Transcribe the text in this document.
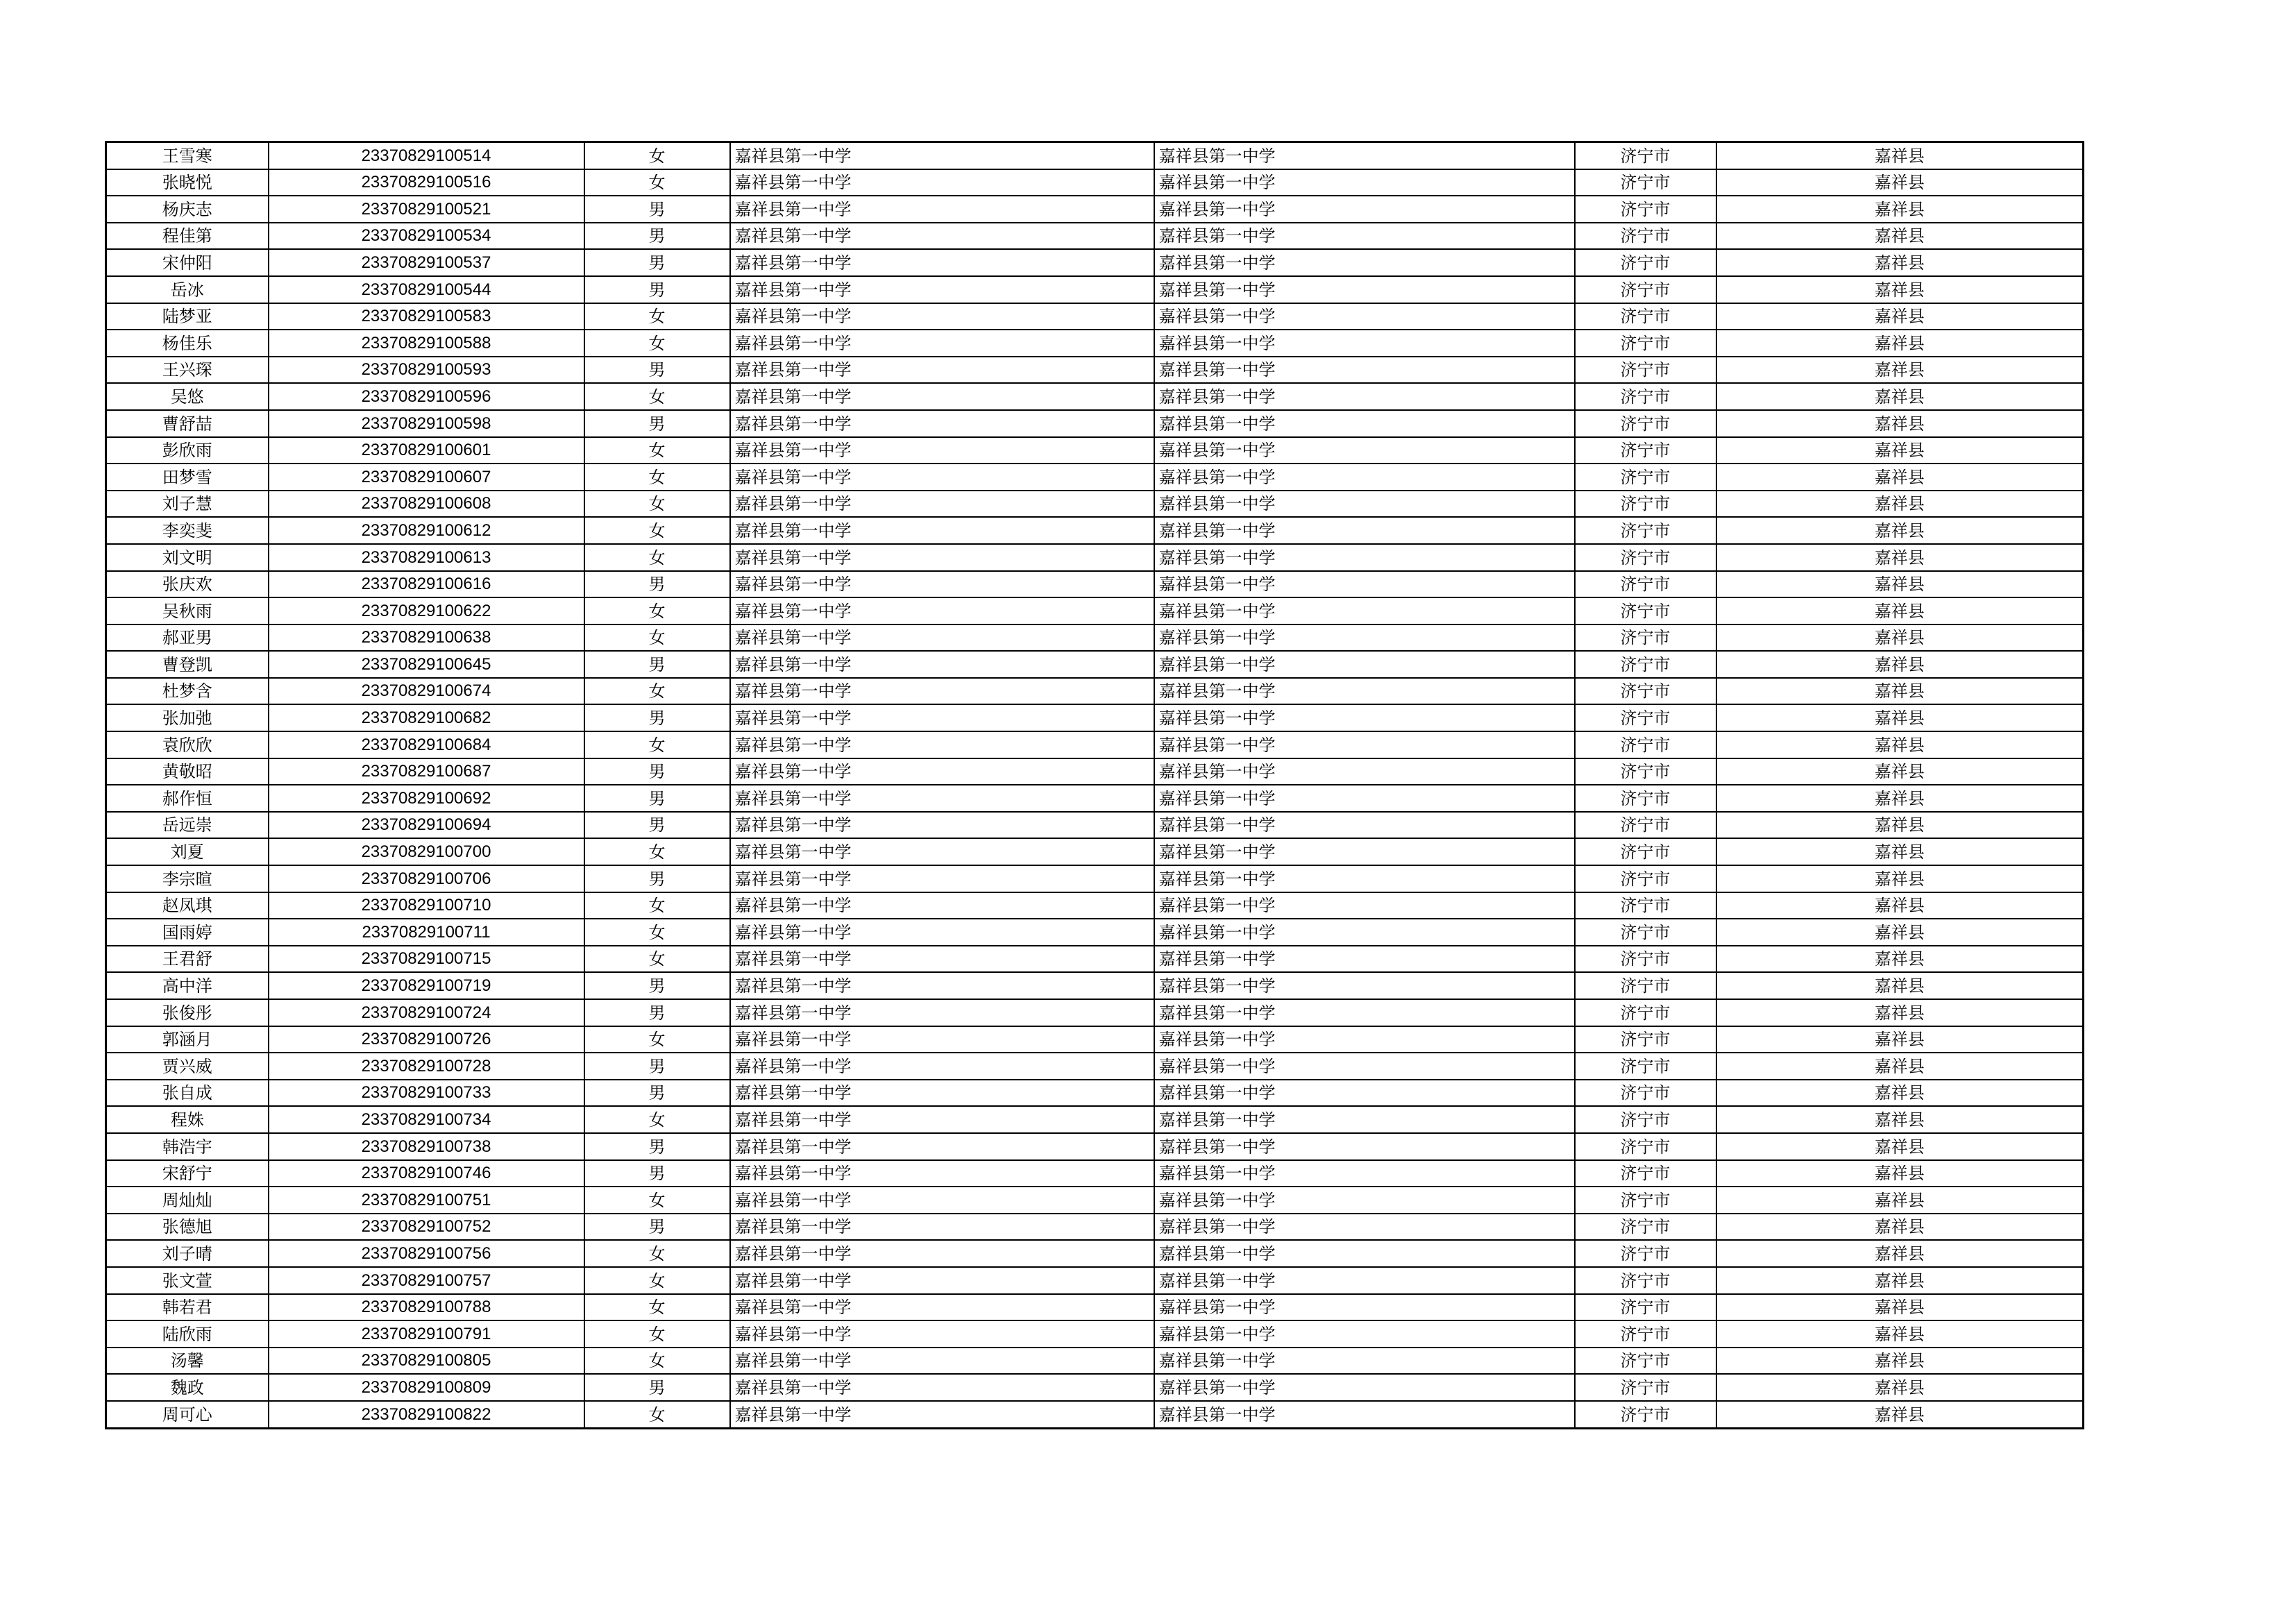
王雪寒	23370829100514	女	嘉祥县第一中学	嘉祥县第一中学	济宁市	嘉祥县
张晓悦	23370829100516	女	嘉祥县第一中学	嘉祥县第一中学	济宁市	嘉祥县
杨庆志	23370829100521	男	嘉祥县第一中学	嘉祥县第一中学	济宁市	嘉祥县
程佳第	23370829100534	男	嘉祥县第一中学	嘉祥县第一中学	济宁市	嘉祥县
宋仲阳	23370829100537	男	嘉祥县第一中学	嘉祥县第一中学	济宁市	嘉祥县
岳冰	23370829100544	男	嘉祥县第一中学	嘉祥县第一中学	济宁市	嘉祥县
陆梦亚	23370829100583	女	嘉祥县第一中学	嘉祥县第一中学	济宁市	嘉祥县
杨佳乐	23370829100588	女	嘉祥县第一中学	嘉祥县第一中学	济宁市	嘉祥县
王兴琛	23370829100593	男	嘉祥县第一中学	嘉祥县第一中学	济宁市	嘉祥县
吴悠	23370829100596	女	嘉祥县第一中学	嘉祥县第一中学	济宁市	嘉祥县
曹舒喆	23370829100598	男	嘉祥县第一中学	嘉祥县第一中学	济宁市	嘉祥县
彭欣雨	23370829100601	女	嘉祥县第一中学	嘉祥县第一中学	济宁市	嘉祥县
田梦雪	23370829100607	女	嘉祥县第一中学	嘉祥县第一中学	济宁市	嘉祥县
刘子慧	23370829100608	女	嘉祥县第一中学	嘉祥县第一中学	济宁市	嘉祥县
李奕斐	23370829100612	女	嘉祥县第一中学	嘉祥县第一中学	济宁市	嘉祥县
刘文明	23370829100613	女	嘉祥县第一中学	嘉祥县第一中学	济宁市	嘉祥县
张庆欢	23370829100616	男	嘉祥县第一中学	嘉祥县第一中学	济宁市	嘉祥县
吴秋雨	23370829100622	女	嘉祥县第一中学	嘉祥县第一中学	济宁市	嘉祥县
郝亚男	23370829100638	女	嘉祥县第一中学	嘉祥县第一中学	济宁市	嘉祥县
曹登凯	23370829100645	男	嘉祥县第一中学	嘉祥县第一中学	济宁市	嘉祥县
杜梦含	23370829100674	女	嘉祥县第一中学	嘉祥县第一中学	济宁市	嘉祥县
张加弛	23370829100682	男	嘉祥县第一中学	嘉祥县第一中学	济宁市	嘉祥县
袁欣欣	23370829100684	女	嘉祥县第一中学	嘉祥县第一中学	济宁市	嘉祥县
黄敬昭	23370829100687	男	嘉祥县第一中学	嘉祥县第一中学	济宁市	嘉祥县
郝作恒	23370829100692	男	嘉祥县第一中学	嘉祥县第一中学	济宁市	嘉祥县
岳远崇	23370829100694	男	嘉祥县第一中学	嘉祥县第一中学	济宁市	嘉祥县
刘夏	23370829100700	女	嘉祥县第一中学	嘉祥县第一中学	济宁市	嘉祥县
李宗暄	23370829100706	男	嘉祥县第一中学	嘉祥县第一中学	济宁市	嘉祥县
赵凤琪	23370829100710	女	嘉祥县第一中学	嘉祥县第一中学	济宁市	嘉祥县
国雨婷	23370829100711	女	嘉祥县第一中学	嘉祥县第一中学	济宁市	嘉祥县
王君舒	23370829100715	女	嘉祥县第一中学	嘉祥县第一中学	济宁市	嘉祥县
高中洋	23370829100719	男	嘉祥县第一中学	嘉祥县第一中学	济宁市	嘉祥县
张俊彤	23370829100724	男	嘉祥县第一中学	嘉祥县第一中学	济宁市	嘉祥县
郭涵月	23370829100726	女	嘉祥县第一中学	嘉祥县第一中学	济宁市	嘉祥县
贾兴威	23370829100728	男	嘉祥县第一中学	嘉祥县第一中学	济宁市	嘉祥县
张自成	23370829100733	男	嘉祥县第一中学	嘉祥县第一中学	济宁市	嘉祥县
程姝	23370829100734	女	嘉祥县第一中学	嘉祥县第一中学	济宁市	嘉祥县
韩浩宇	23370829100738	男	嘉祥县第一中学	嘉祥县第一中学	济宁市	嘉祥县
宋舒宁	23370829100746	男	嘉祥县第一中学	嘉祥县第一中学	济宁市	嘉祥县
周灿灿	23370829100751	女	嘉祥县第一中学	嘉祥县第一中学	济宁市	嘉祥县
张德旭	23370829100752	男	嘉祥县第一中学	嘉祥县第一中学	济宁市	嘉祥县
刘子晴	23370829100756	女	嘉祥县第一中学	嘉祥县第一中学	济宁市	嘉祥县
张文萱	23370829100757	女	嘉祥县第一中学	嘉祥县第一中学	济宁市	嘉祥县
韩若君	23370829100788	女	嘉祥县第一中学	嘉祥县第一中学	济宁市	嘉祥县
陆欣雨	23370829100791	女	嘉祥县第一中学	嘉祥县第一中学	济宁市	嘉祥县
汤馨	23370829100805	女	嘉祥县第一中学	嘉祥县第一中学	济宁市	嘉祥县
魏政	23370829100809	男	嘉祥县第一中学	嘉祥县第一中学	济宁市	嘉祥县
周可心	23370829100822	女	嘉祥县第一中学	嘉祥县第一中学	济宁市	嘉祥县
